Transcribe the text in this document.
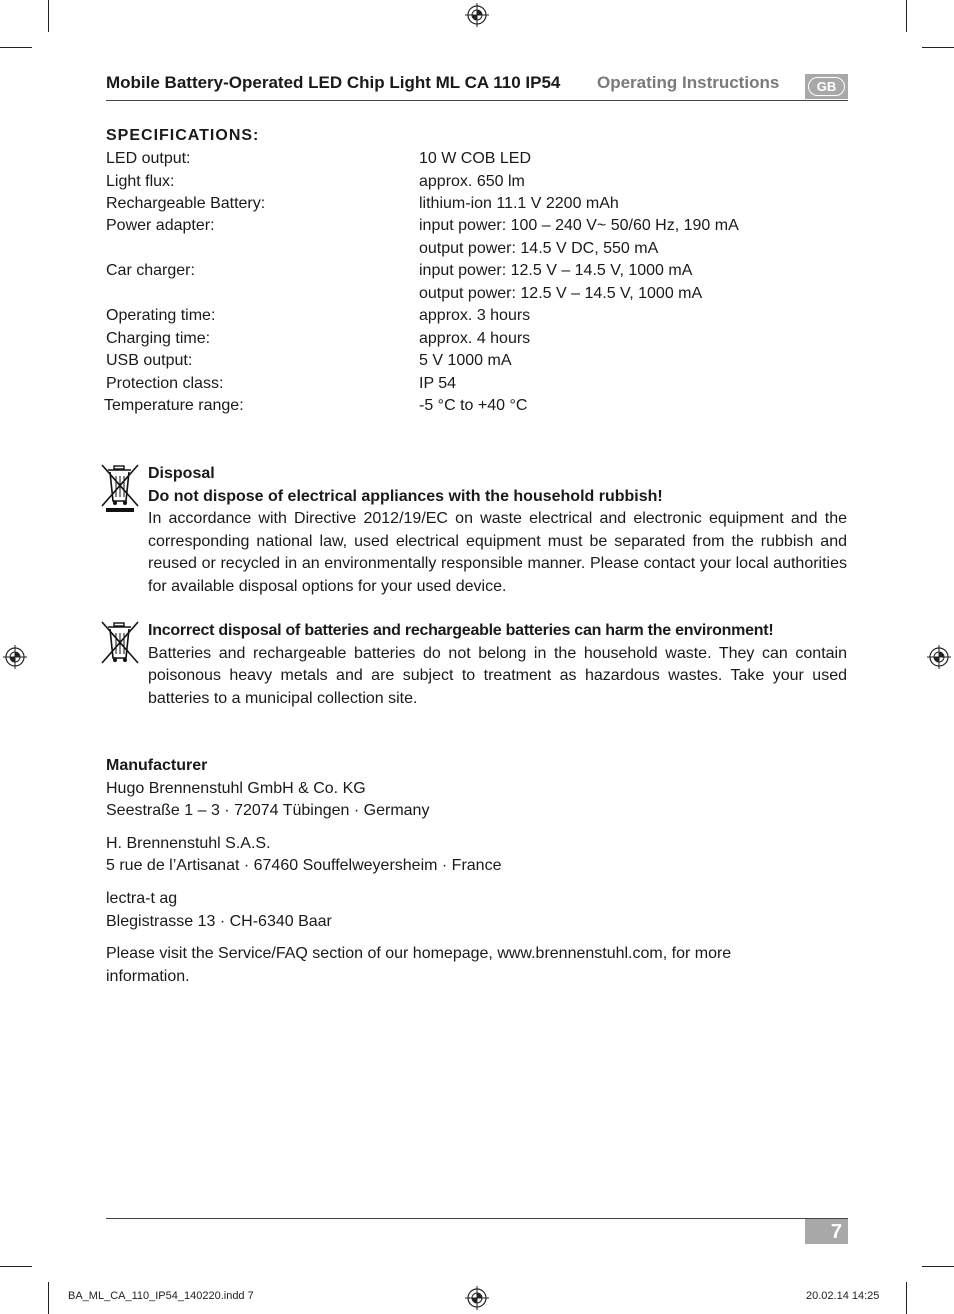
Mobile Battery-Operated LED Chip Light ML CA 110 IP54 Operating Instructions	GB
SPECIFICATIONS:
LED output:	10 W COB LED
Light flux:	approx. 650 lm
Rechargeable Battery:	lithium-ion 11.1 V 2200 mAh
Power adapter:	input power: 100 – 240 V~ 50/60 Hz, 190 mA
output power: 14.5 V DC, 550 mA
Car charger:	input power: 12.5 V – 14.5 V, 1000 mA
output power: 12.5 V – 14.5 V, 1000 mA
Operating time:	approx. 3 hours
Charging time:	approx. 4 hours
USB output:	5 V 1000 mA
Protection class:	IP 54
Temperature range:	-5 °C to +40 °C
Disposal
Do not dispose of electrical appliances with the household rubbish!
In accordance with Directive 2012/19/EC on waste electrical and electronic equipment and the corresponding national law, used electrical equipment must be separated from the rubbish and reused or recycled in an environmentally responsible manner. Please contact your local authorities for available disposal options for your used device.
Incorrect disposal of batteries and rechargeable batteries can harm the environment!
Batteries and rechargeable batteries do not belong in the household waste. They can contain poisonous heavy metals and are subject to treatment as hazardous wastes. Take your used batteries to a municipal collection site.
Manufacturer
Hugo Brennenstuhl GmbH & Co. KG
Seestraße 1 – 3 · 72074 Tübingen · Germany
H. Brennenstuhl S.A.S.
5 rue de l’Artisanat · 67460 Souffelweyersheim · France
lectra-t ag
Blegistrasse 13 · CH-6340 Baar
Please visit the Service/FAQ section of our homepage, www.brennenstuhl.com, for more information.
7
BA_ML_CA_110_IP54_140220.indd 7	20.02.14 14:25
